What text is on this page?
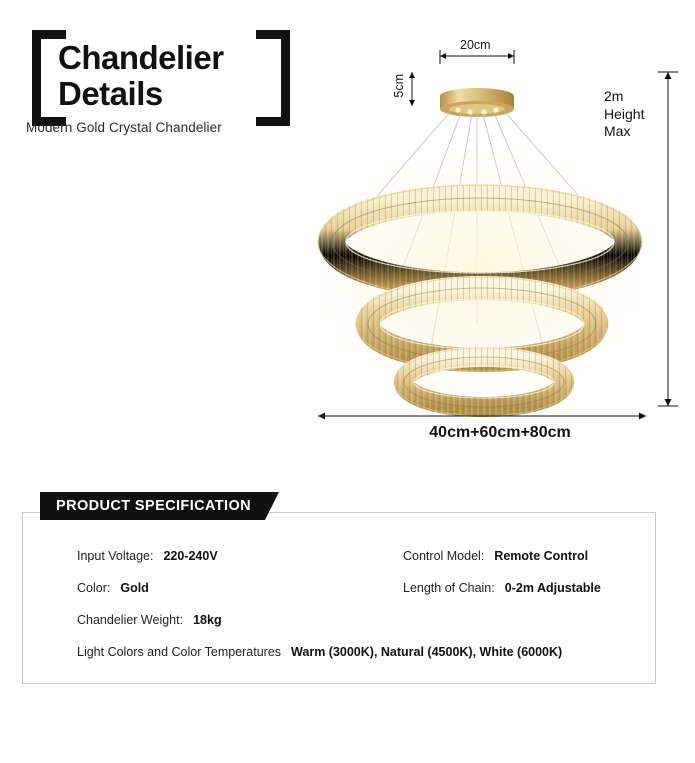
Chandelier
Details
Modern Gold Crystal Chandelier
20cm
5cm	2m
Height
Max
40cm+60cm+80cm
Input Voltage: 220-240V
Color: Gold
Chandelier Weight: 18kg
Light Colors and Color Temperatures Warm (3000K), Natural (4500K), White (6000K)
Control Model: Remote Control
Length of Chain: 0-2m Adjustable
PRODUCT SPECIFICATION
